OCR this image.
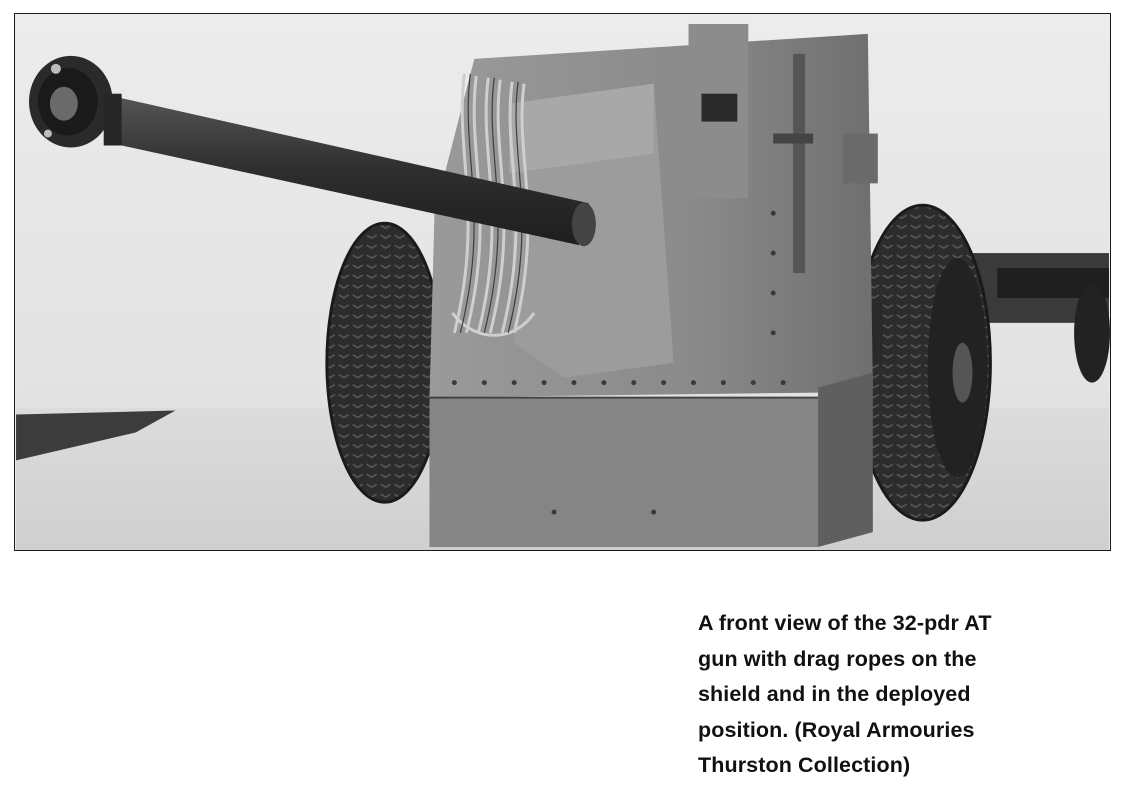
A front view of the 32-pdr AT
gun with drag ropes on the
shield and in the deployed
position. (Royal Armouries
Thurston Collection)
